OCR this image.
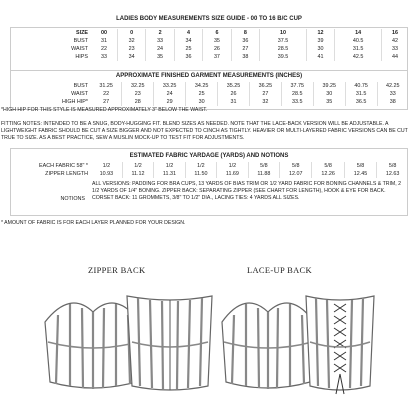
LADIES BODY MEASUREMENTS SIZE GUIDE - 00 TO 16 B/C CUP
SIZE	00	0	2	4	6	8	10	12	14	16
BUST	31	32	33	34	35	36	37.5	39	40.5	42
WAIST	22	23	24	25	26	27	28.5	30	31.5	33
HIPS	33	34	35	36	37	38	39.5	41	42.5	44
APPROXIMATE FINISHED GARMENT MEASUREMENTS (INCHES)
BUST	31.25	32.25	33.25	34.25	35.25	36.25	37.75	39.25	40.75	42.25
WAIST	22	23	24	25	26	27	28.5	30	31.5	33
HIGH HIP*	27	28	29	30	31	32	33.5	35	36.5	38
*HIGH HIP FOR THIS STYLE IS MEASURED APPROXIMATELY 3" BELOW THE WAIST.
FITTING NOTES: INTENDED TO BE A SNUG, BODY-HUGGING FIT. BLEND SIZES AS NEEDED. NOTE THAT THE LACE-BACK VERSION WILL BE ADJUSTABLE. A LIGHTWEIGHT FABRIC SHOULD BE CUT A SIZE BIGGER AND NOT EXPECTED TO CINCH AS TIGHTLY. HEAVIER OR MULTI-LAYERED FABRIC VERSIONS CAN BE CUT TRUE TO SIZE. AS A BEST PRACTICE, SEW A MUSLIN MOCK-UP TO TEST FIT FOR ADJUSTMENTS.
ESTIMATED FABRIC YARDAGE (YARDS) AND NOTIONS
EACH FABRIC 58" *	1/2	1/2	1/2	1/2	1/2	5/8	5/8	5/8	5/8	5/8
ZIPPER LENGTH	10.93	11.12	11.31	11.50	11.69	11.88	12.07	12.26	12.45	12.63
NOTIONS
ALL VERSIONS: PADDING FOR BRA CUPS, 13 YARDS OF BIAS TRIM OR 1/2 YARD FABRIC FOR BONING CHANNELS & TRIM, 2 1/2 YARDS OF 1/4" BONING. ZIPPER BACK: SEPARATING ZIPPER (SEE CHART FOR LENGTH), HOOK & EYE FOR BACK. CORSET BACK: 11 GROMMETS, 3/8" TO 1/2" DIA., LACING TIES: 4 YARDS ALL SIZES.
* AMOUNT OF FABRIC IS FOR EACH LAYER PLANNED FOR YOUR DESIGN.
ZIPPER BACK	LACE-UP BACK
